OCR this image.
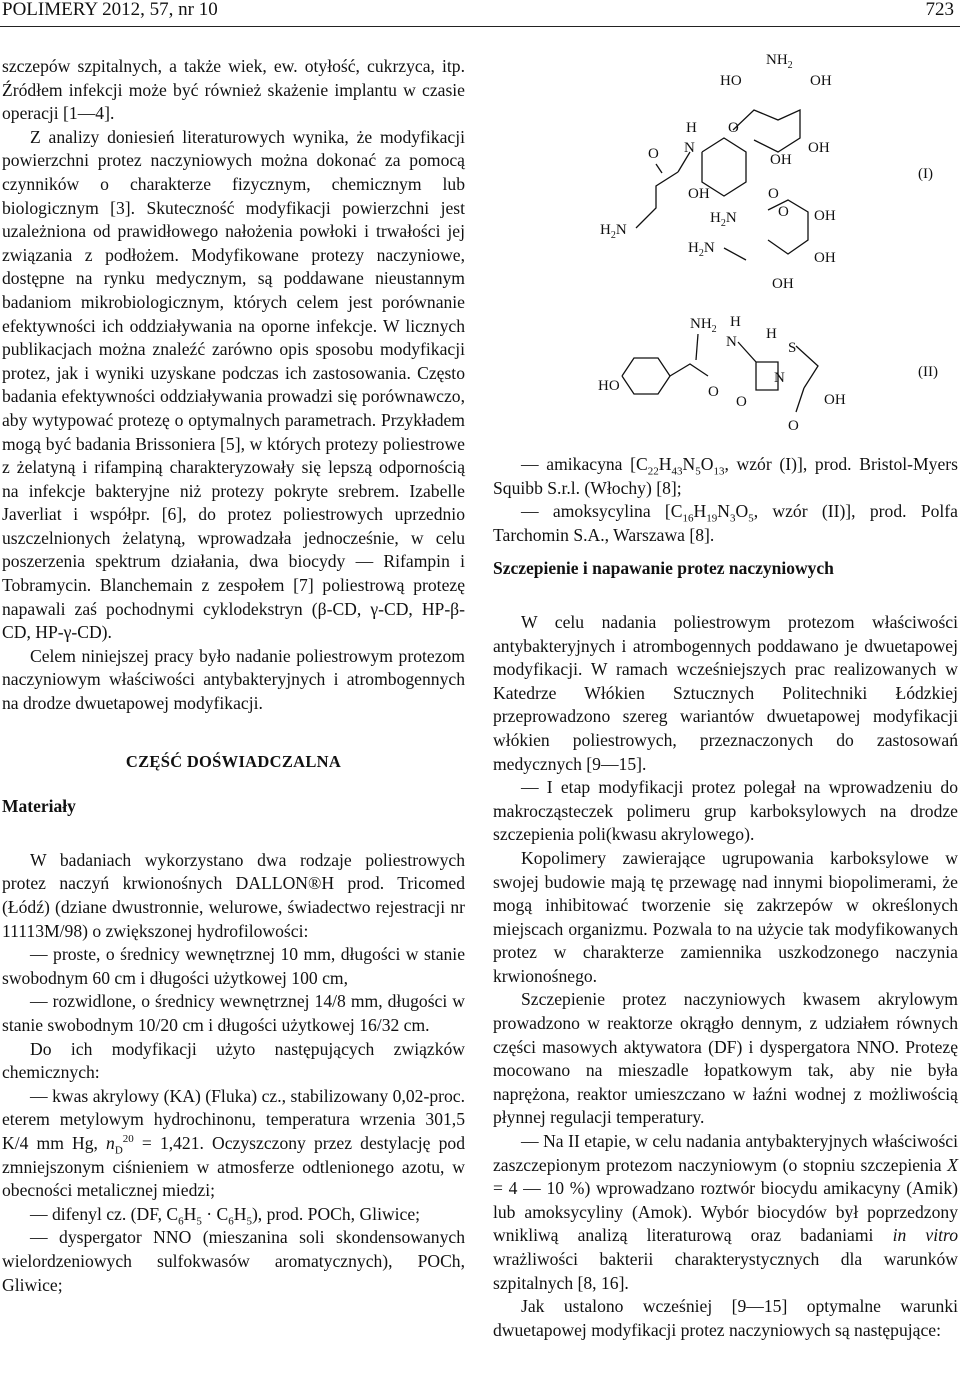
POLIMERY 2012, 57, nr 10	723

szczepów szpitalnych, a także wiek, ew. otyłość, cukrzyca, itp. Źródłem infekcji może być również skażenie implantu w czasie operacji [1—4].

Z analizy doniesień literaturowych wynika, że modyfikacji powierzchni protez naczyniowych można dokonać za pomocą czynników o charakterze fizycznym, chemicznym lub biologicznym [3]. Skuteczność modyfikacji powierzchni jest uzależniona od prawidłowego nałożenia powłoki i trwałości jej związania z podłożem. Modyfikowane protezy naczyniowe, dostępne na rynku medycznym, są poddawane nieustannym badaniom mikrobiologicznym, których celem jest porównanie efektywności ich oddziaływania na oporne infekcje. W licznych publikacjach można znaleźć zarówno opis sposobu modyfikacji protez, jak i wyniki uzyskane podczas ich zastosowania. Często badania efektywności oddziaływania prowadzi się porównawczo, aby wytypować protezę o optymalnych parametrach. Przykładem mogą być badania Brissoniera [5], w których protezy poliestrowe z żelatyną i rifampiną charakteryzowały się lepszą odpornością na infekcje bakteryjne niż protezy pokryte srebrem. Izabelle Javerliat i współpr. [6], do protez poliestrowych uprzednio uszczelnionych żelatyną, wprowadzała jednocześnie, w celu poszerzenia spektrum działania, dwa biocydy — Rifampin i Tobramycin. Blanchemain z zespołem [7] poliestrową protezę napawali zaś pochodnymi cyklodekstryn (β-CD, γ-CD, HP-β-CD, HP-γ-CD).

Celem niniejszej pracy było nadanie poliestrowym protezom naczyniowym właściwości antybakteryjnych i atrombogennych na drodze dwuetapowej modyfikacji.

CZĘŚĆ DOŚWIADCZALNA

Materiały

W badaniach wykorzystano dwa rodzaje poliestrowych protez naczyń krwionośnych DALLON®H prod. Tricomed (Łódź) (dziane dwustronnie, welurowe, świadectwo rejestracji nr 11113M/98) o zwiększonej hydrofilowości:

— proste, o średnicy wewnętrznej 10 mm, długości w stanie swobodnym 60 cm i długości użytkowej 100 cm,

— rozwidlone, o średnicy wewnętrznej 14/8 mm, długości w stanie swobodnym 10/20 cm i długości użytkowej 16/32 cm.

Do ich modyfikacji użyto następujących związków chemicznych:

— kwas akrylowy (KA) (Fluka) cz., stabilizowany 0,02-proc. eterem metylowym hydrochinonu, temperatura wrzenia 301,5 K/4 mm Hg, $n_D^{20} = 1,421$. Oczyszczony przez destylację pod zmniejszonym ciśnieniem w atmosferze odtlenionego azotu, w obecności metalicznej miedzi;

— difenyl cz. (DF, $C_6H_5 \cdot C_6H_5$), prod. POCh, Gliwice;

— dyspergator NNO (mieszanina soli skondensowanych wielordzeniowych sulfokwasów aromatycznych), POCh, Gliwice;

$H_2N$
O N
H
OH
O
HO
$NH_2$
OH
OH
OH
O
$H_2N$	O OH
$H_2N$
OH
OH
(I)
HO
$NH_2$
O
N
H
H
S
N
O
O
OH
(II)

— amikacyna [$C_{22}H_{43}N_5O_{13}$, wzór (I)], prod. Bristol-Myers Squibb S.r.l. (Włochy) [8];

— amoksycylina [$C_{16}H_{19}N_3O_5$, wzór (II)], prod. Polfa Tarchomin S.A., Warszawa [8].

Szczepienie i napawanie protez naczyniowych

W celu nadania poliestrowym protezom właściwości antybakteryjnych i atrombogennych poddawano je dwuetapowej modyfikacji. W ramach wcześniejszych prac realizowanych w Katedrze Włókien Sztucznych Politechniki Łódzkiej przeprowadzono szereg wariantów dwuetapowej modyfikacji włókien poliestrowych, przeznaczonych do zastosowań medycznych [9—15].

— I etap modyfikacji protez polegał na wprowadzeniu do makrocząsteczek polimeru grup karboksylowych na drodze szczepienia poli(kwasu akrylowego).

Kopolimery zawierające ugrupowania karboksylowe w swojej budowie mają tę przewagę nad innymi biopolimerami, że mogą inhibitować tworzenie się zakrzepów w określonych miejscach organizmu. Pozwala to na użycie tak modyfikowanych protez w charakterze zamiennika uszkodzonego naczynia krwionośnego.

Szczepienie protez naczyniowych kwasem akrylowym prowadzono w reaktorze okrągło dennym, z udziałem równych części masowych aktywatora (DF) i dyspergatora NNO. Protezę mocowano na mieszadle łopatkowym tak, aby nie była naprężona, reaktor umieszczano w łaźni wodnej z możliwością płynnej regulacji temperatury.

— Na II etapie, w celu nadania antybakteryjnych właściwości zaszczepionym protezom naczyniowym (o stopniu szczepienia X = 4 — 10 %) wprowadzano roztwór biocydu amikacyny (Amik) lub amoksycyliny (Amok). Wybór biocydów był poprzedzony wnikliwą analizą literaturową oraz badaniami in vitro wrażliwości bakterii charakterystycznych dla warunków szpitalnych [8, 16].

Jak ustalono wcześniej [9—15] optymalne warunki dwuetapowej modyfikacji protez naczyniowych są następujące:
